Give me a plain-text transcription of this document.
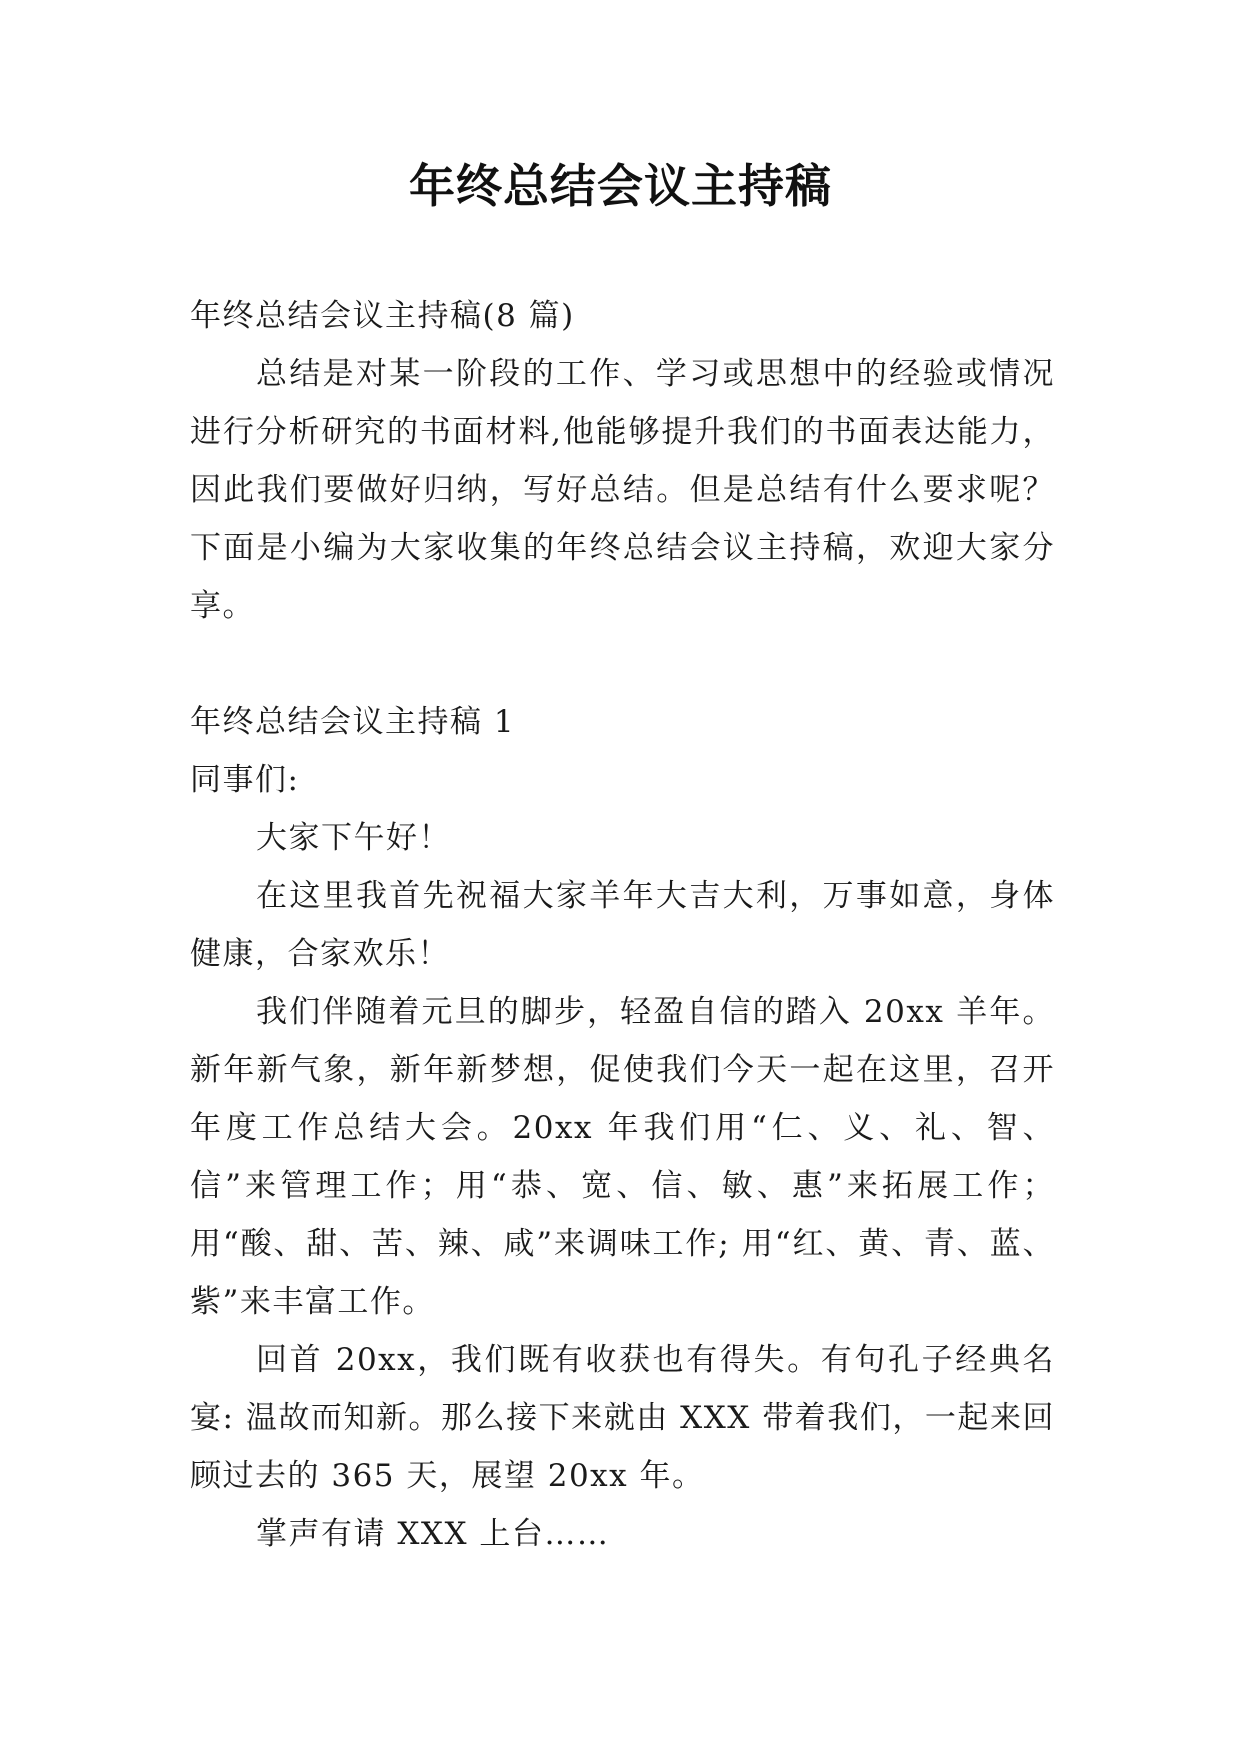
年终总结会议主持稿

年终总结会议主持稿(8 篇)

总结是对某一阶段的工作、学习或思想中的经验或情况进行分析研究的书面材料,他能够提升我们的书面表达能力，因此我们要做好归纳，写好总结。但是总结有什么要求呢？下面是小编为大家收集的年终总结会议主持稿，欢迎大家分享。

年终总结会议主持稿 1

同事们:

大家下午好！

在这里我首先祝福大家羊年大吉大利，万事如意，身体健康，合家欢乐！

我们伴随着元旦的脚步，轻盈自信的踏入 20xx 羊年。新年新气象，新年新梦想，促使我们今天一起在这里，召开年度工作总结大会。20xx 年我们用“仁、义、礼、智、信”来管理工作；用“恭、宽、信、敏、惠”来拓展工作；用“酸、甜、苦、辣、咸”来调味工作; 用“红、黄、青、蓝、紫”来丰富工作。

回首 20xx，我们既有收获也有得失。有句孔子经典名宴: 温故而知新。那么接下来就由 XXX 带着我们，一起来回顾过去的 365 天，展望 20xx 年。

掌声有请 XXX 上台……
